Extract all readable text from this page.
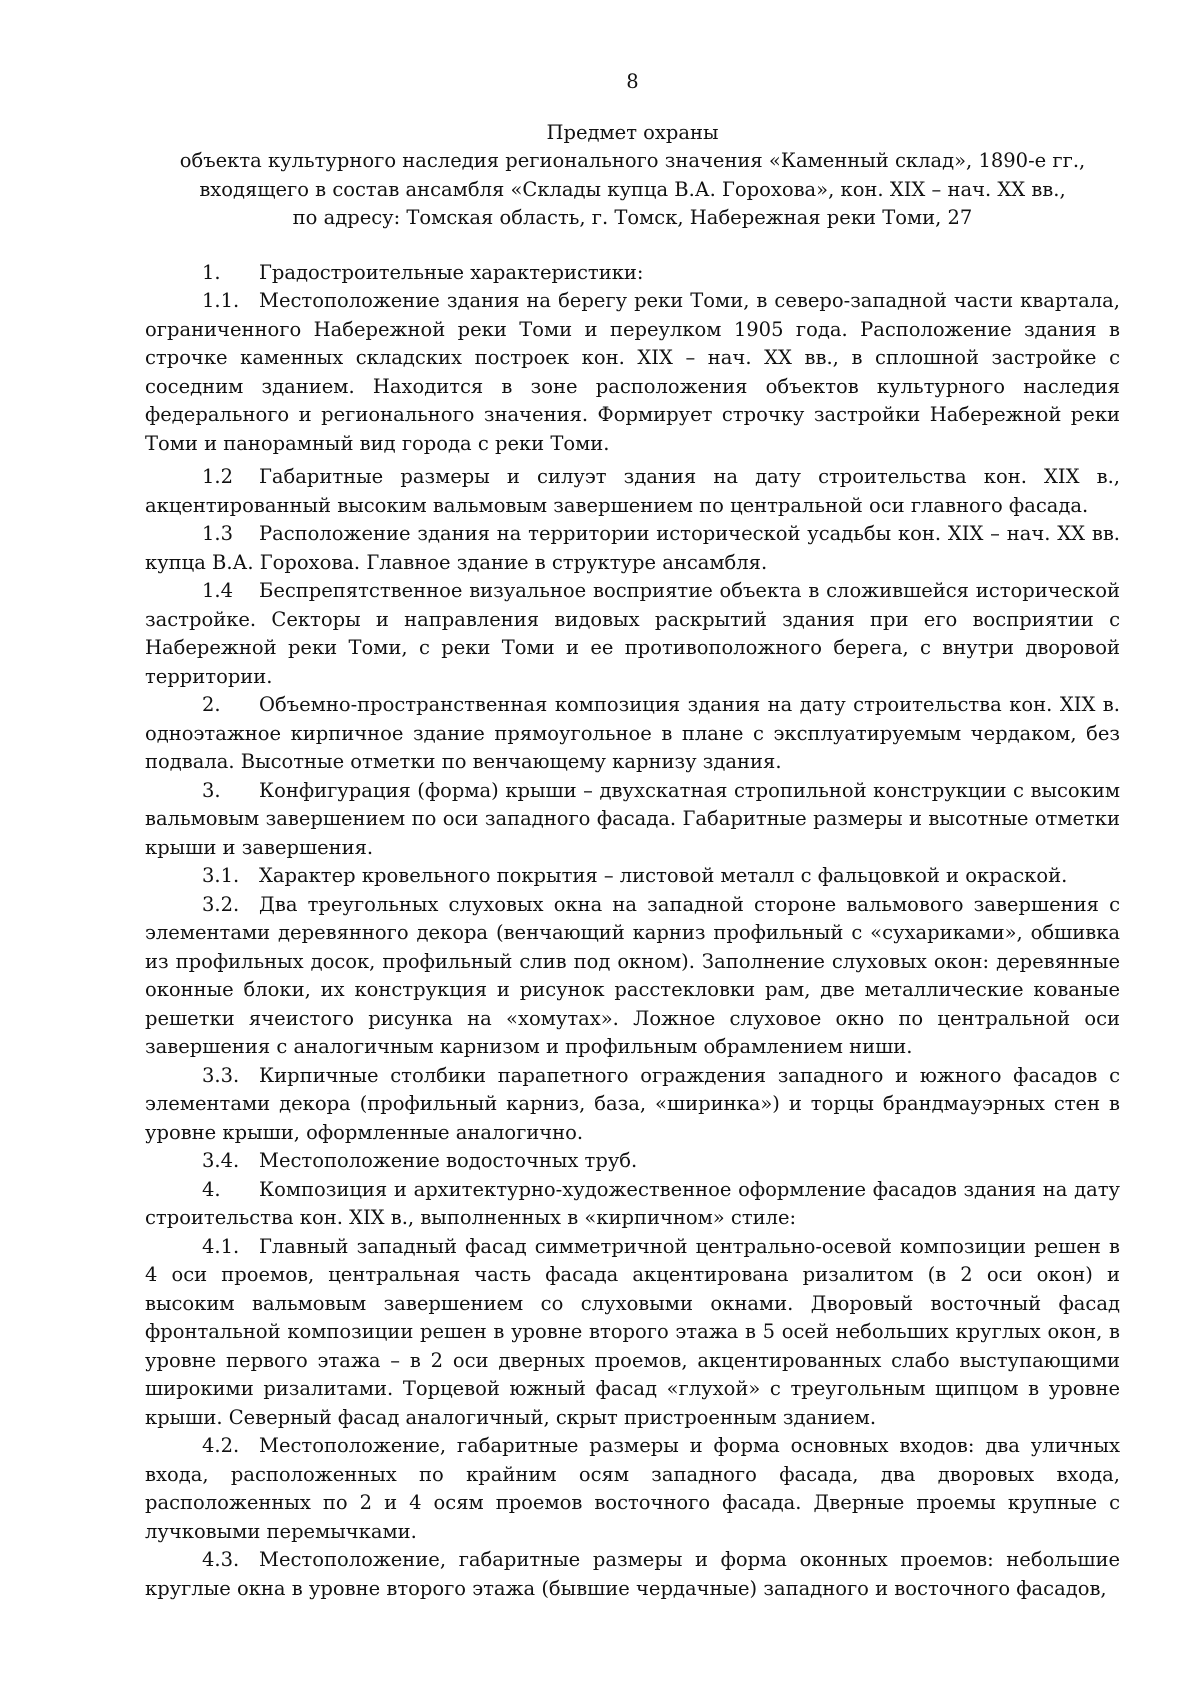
8
Предмет охраны
объекта культурного наследия регионального значения «Каменный склад», 1890-е гг.,
входящего в состав ансамбля «Склады купца В.А. Горохова», кон. XIX – нач. XX вв.,
по адресу: Томская область, г. Томск, Набережная реки Томи, 27

1. Градостроительные характеристики:

1.1. Местоположение здания на берегу реки Томи, в северо-западной части квартала, ограниченного Набережной реки Томи и переулком 1905 года. Расположение здания в строчке каменных складских построек кон. XIX – нач. XX вв., в сплошной застройке с соседним зданием. Находится в зоне расположения объектов культурного наследия федерального и регионального значения. Формирует строчку застройки Набережной реки Томи и панорамный вид города с реки Томи.

1.2 Габаритные размеры и силуэт здания на дату строительства кон. XIX в., акцентированный высоким вальмовым завершением по центральной оси главного фасада.

1.3 Расположение здания на территории исторической усадьбы кон. XIX – нач. XX вв. купца В.А. Горохова. Главное здание в структуре ансамбля.

1.4 Беспрепятственное визуальное восприятие объекта в сложившейся исторической застройке. Секторы и направления видовых раскрытий здания при его восприятии с Набережной реки Томи, с реки Томи и ее противоположного берега, с внутри дворовой территории.

2. Объемно-пространственная композиция здания на дату строительства кон. XIX в. одноэтажное кирпичное здание прямоугольное в плане с эксплуатируемым чердаком, без подвала. Высотные отметки по венчающему карнизу здания.

3. Конфигурация (форма) крыши – двухскатная стропильной конструкции с высоким вальмовым завершением по оси западного фасада. Габаритные размеры и высотные отметки крыши и завершения.

3.1. Характер кровельного покрытия – листовой металл с фальцовкой и окраской.

3.2. Два треугольных слуховых окна на западной стороне вальмового завершения с элементами деревянного декора (венчающий карниз профильный с «сухариками», обшивка из профильных досок, профильный слив под окном). Заполнение слуховых окон: деревянные оконные блоки, их конструкция и рисунок расстекловки рам, две металлические кованые решетки ячеистого рисунка на «хомутах». Ложное слуховое окно по центральной оси завершения с аналогичным карнизом и профильным обрамлением ниши.

3.3. Кирпичные столбики парапетного ограждения западного и южного фасадов с элементами декора (профильный карниз, база, «ширинка») и торцы брандмауэрных стен в уровне крыши, оформленные аналогично.

3.4. Местоположение водосточных труб.

4. Композиция и архитектурно-художественное оформление фасадов здания на дату строительства кон. XIX в., выполненных в «кирпичном» стиле:

4.1. Главный западный фасад симметричной центрально-осевой композиции решен в 4 оси проемов, центральная часть фасада акцентирована ризалитом (в 2 оси окон) и высоким вальмовым завершением со слуховыми окнами. Дворовый восточный фасад фронтальной композиции решен в уровне второго этажа в 5 осей небольших круглых окон, в уровне первого этажа – в 2 оси дверных проемов, акцентированных слабо выступающими широкими ризалитами. Торцевой южный фасад «глухой» с треугольным щипцом в уровне крыши. Северный фасад аналогичный, скрыт пристроенным зданием.

4.2. Местоположение, габаритные размеры и форма основных входов: два уличных входа, расположенных по крайним осям западного фасада, два дворовых входа, расположенных по 2 и 4 осям проемов восточного фасада. Дверные проемы крупные с лучковыми перемычками.

4.3. Местоположение, габаритные размеры и форма оконных проемов: небольшие круглые окна в уровне второго этажа (бывшие чердачные) западного и восточного фасадов,
